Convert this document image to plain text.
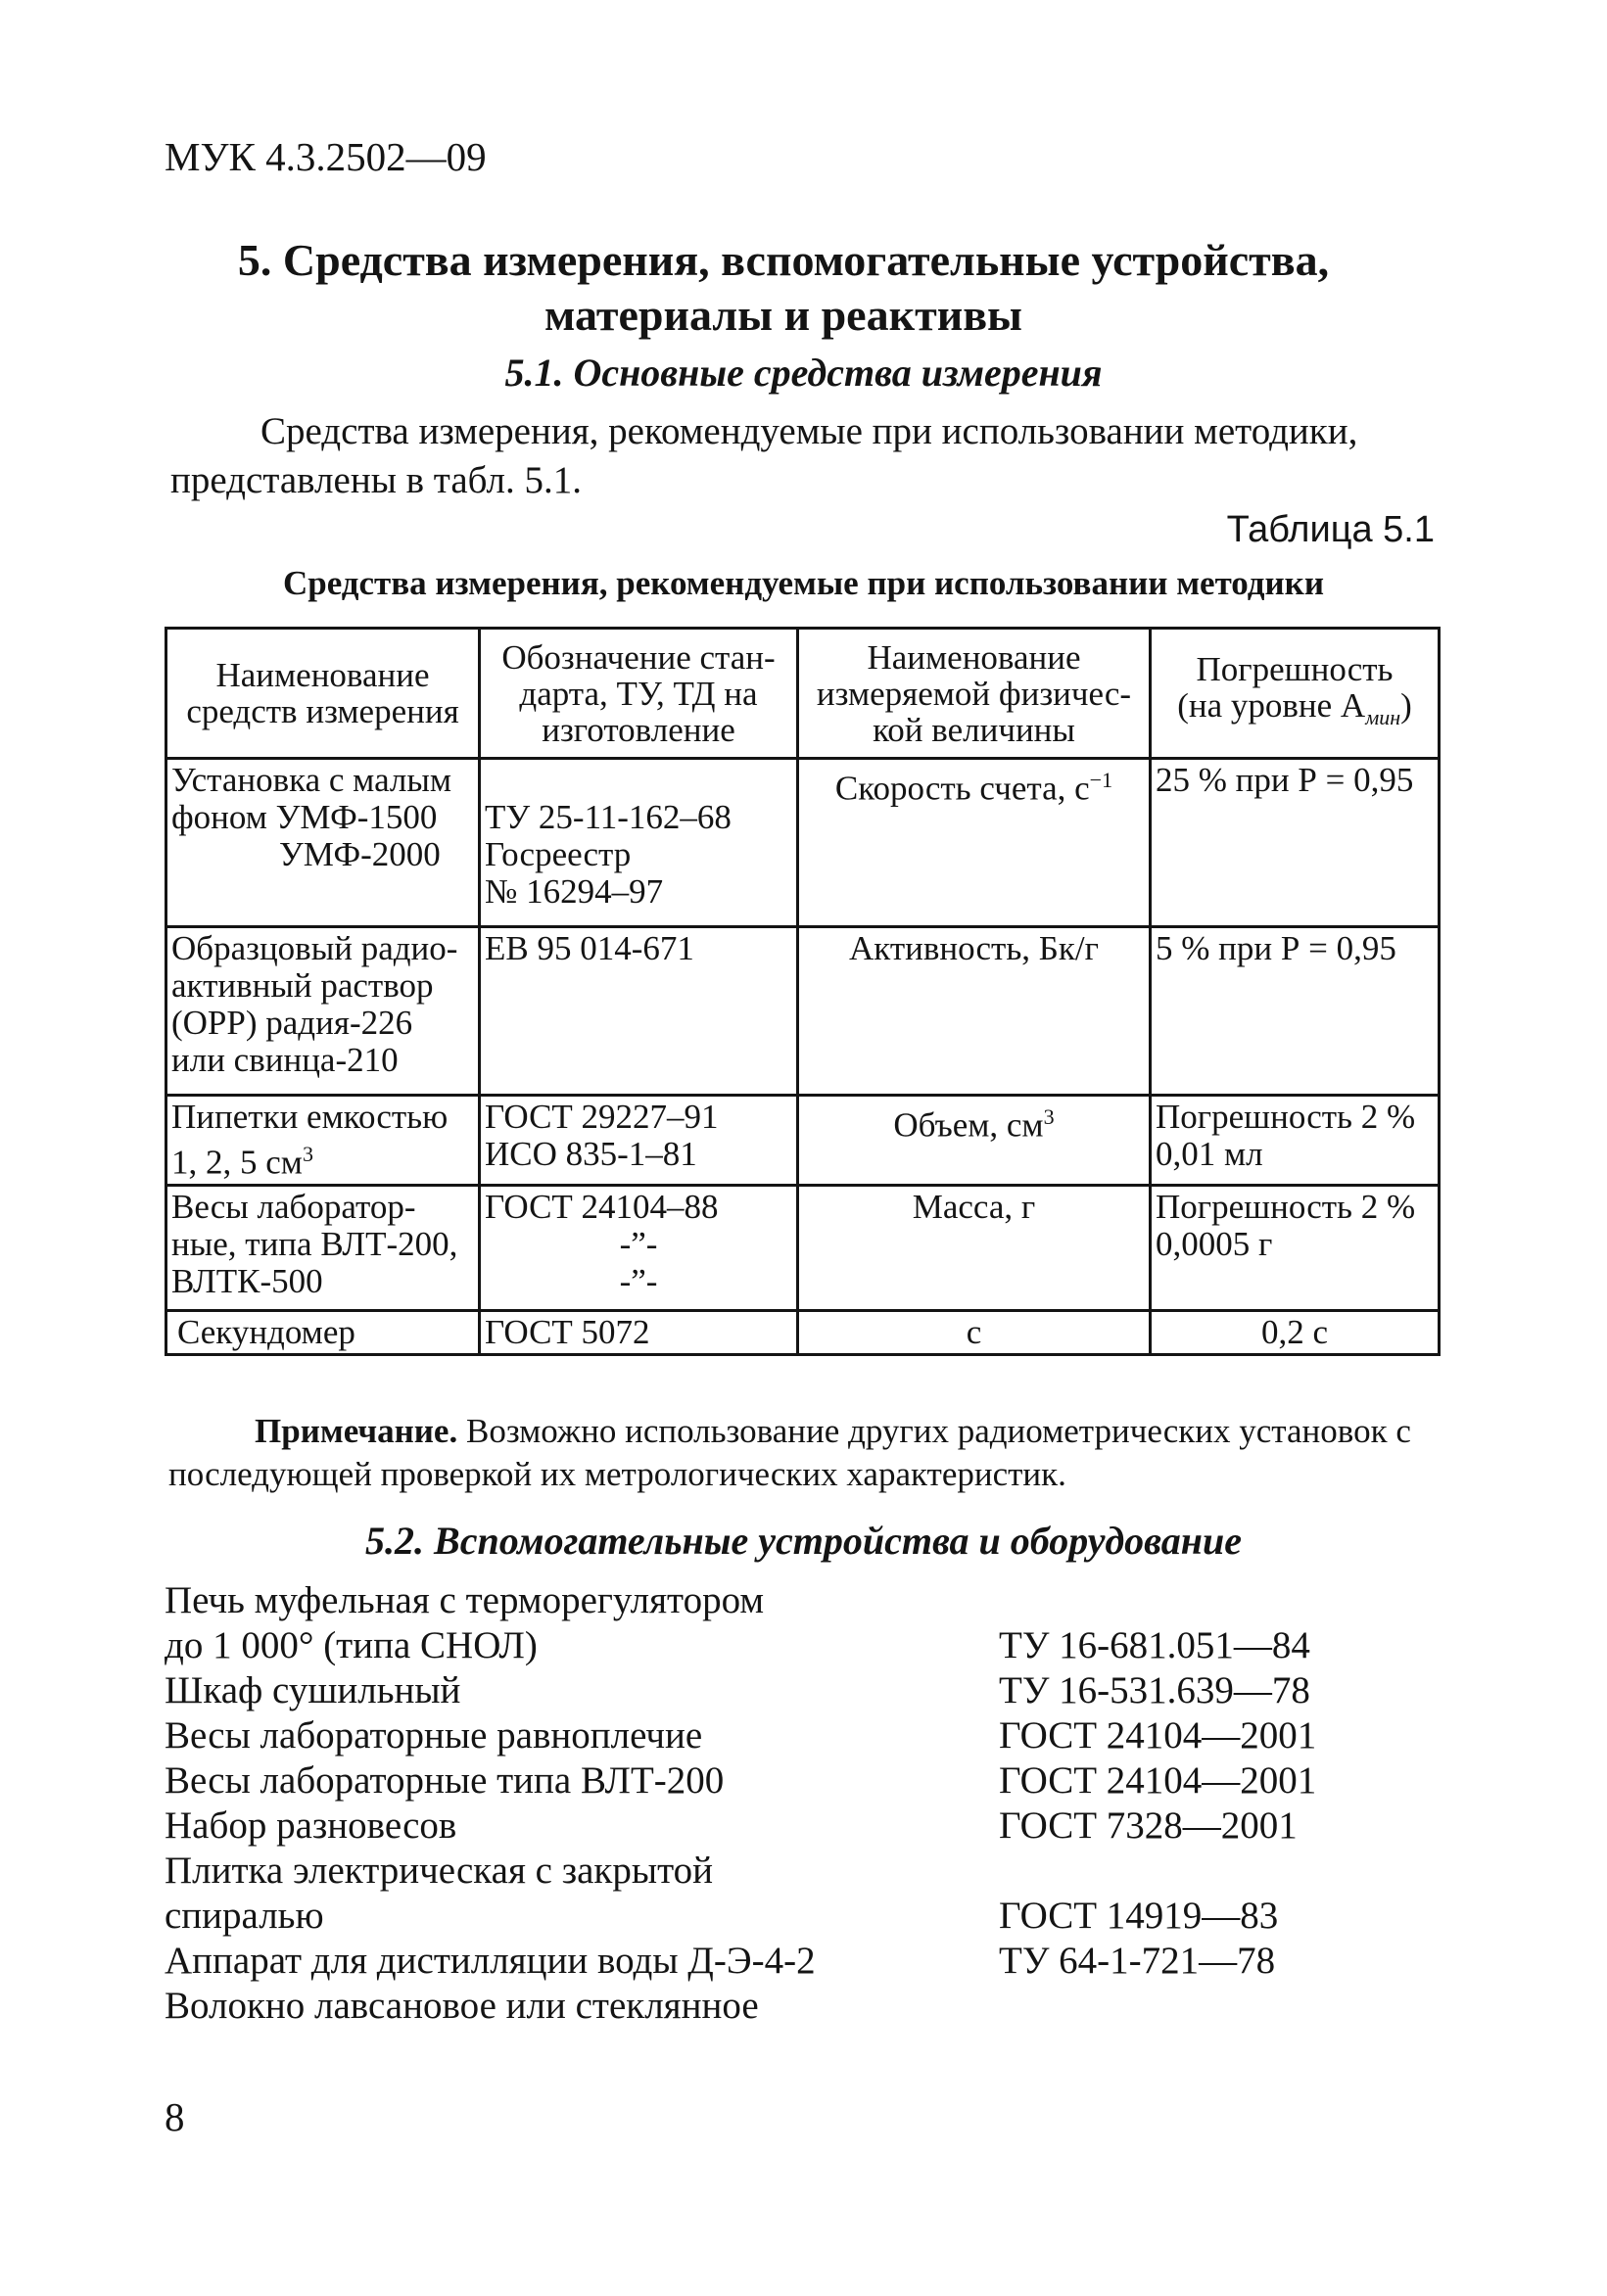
МУК 4.3.2502—09
5. Средства измерения, вспомогательные устройства,
материалы и реактивы
5.1. Основные средства измерения
Средства измерения, рекомендуемые при использовании методики, представлены в табл. 5.1.
Таблица 5.1
Средства измерения, рекомендуемые при использовании методики
Наименование
средств измерения	Обозначение стан-
дарта, ТУ, ТД на
изготовление	Наименование
измеряемой физичес-
кой величины	Погрешность
(на уровне $А_{мин}$)

Установка с малым
фоном УМФ-1500
УМФ-2000	ТУ 25-11-162–68
Госреестр
№ 16294–97	Скорость счета, $с^{-1}$	25 % при Р = 0,95

Образцовый радио-
активный раствор
(ОРР) радия-226
или свинца-210	ЕВ 95 014-671	Активность, Бк/г	5 % при Р = 0,95

Пипетки емкостью
1, 2, 5 $см^3$	ГОСТ 29227–91
ИСО 835-1–81	Объем, $см^3$	Погрешность 2 %
0,01 мл

Весы лаборатор-
ные, типа ВЛТ-200,
ВЛТК-500	ГОСТ 24104–88
-”-
-”-	Масса, г	Погрешность 2 %
0,0005 г

Секундомер	ГОСТ 5072	с	0,2 с
Примечание. Возможно использование других радиометрических установок с последующей проверкой их метрологических характеристик.
5.2. Вспомогательные устройства и оборудование
Печь муфельная с терморегулятором
до 1 000° (типа СНОЛ)	ТУ 16-681.051—84
Шкаф сушильный	ТУ 16-531.639—78
Весы лабораторные равноплечие	ГОСТ 24104—2001
Весы лабораторные типа ВЛТ-200	ГОСТ 24104—2001
Набор разновесов	ГОСТ 7328—2001
Плитка электрическая с закрытой
спиралью	ГОСТ 14919—83
Аппарат для дистилляции воды Д-Э-4-2	ТУ 64-1-721—78
Волокно лавсановое или стеклянное
8
